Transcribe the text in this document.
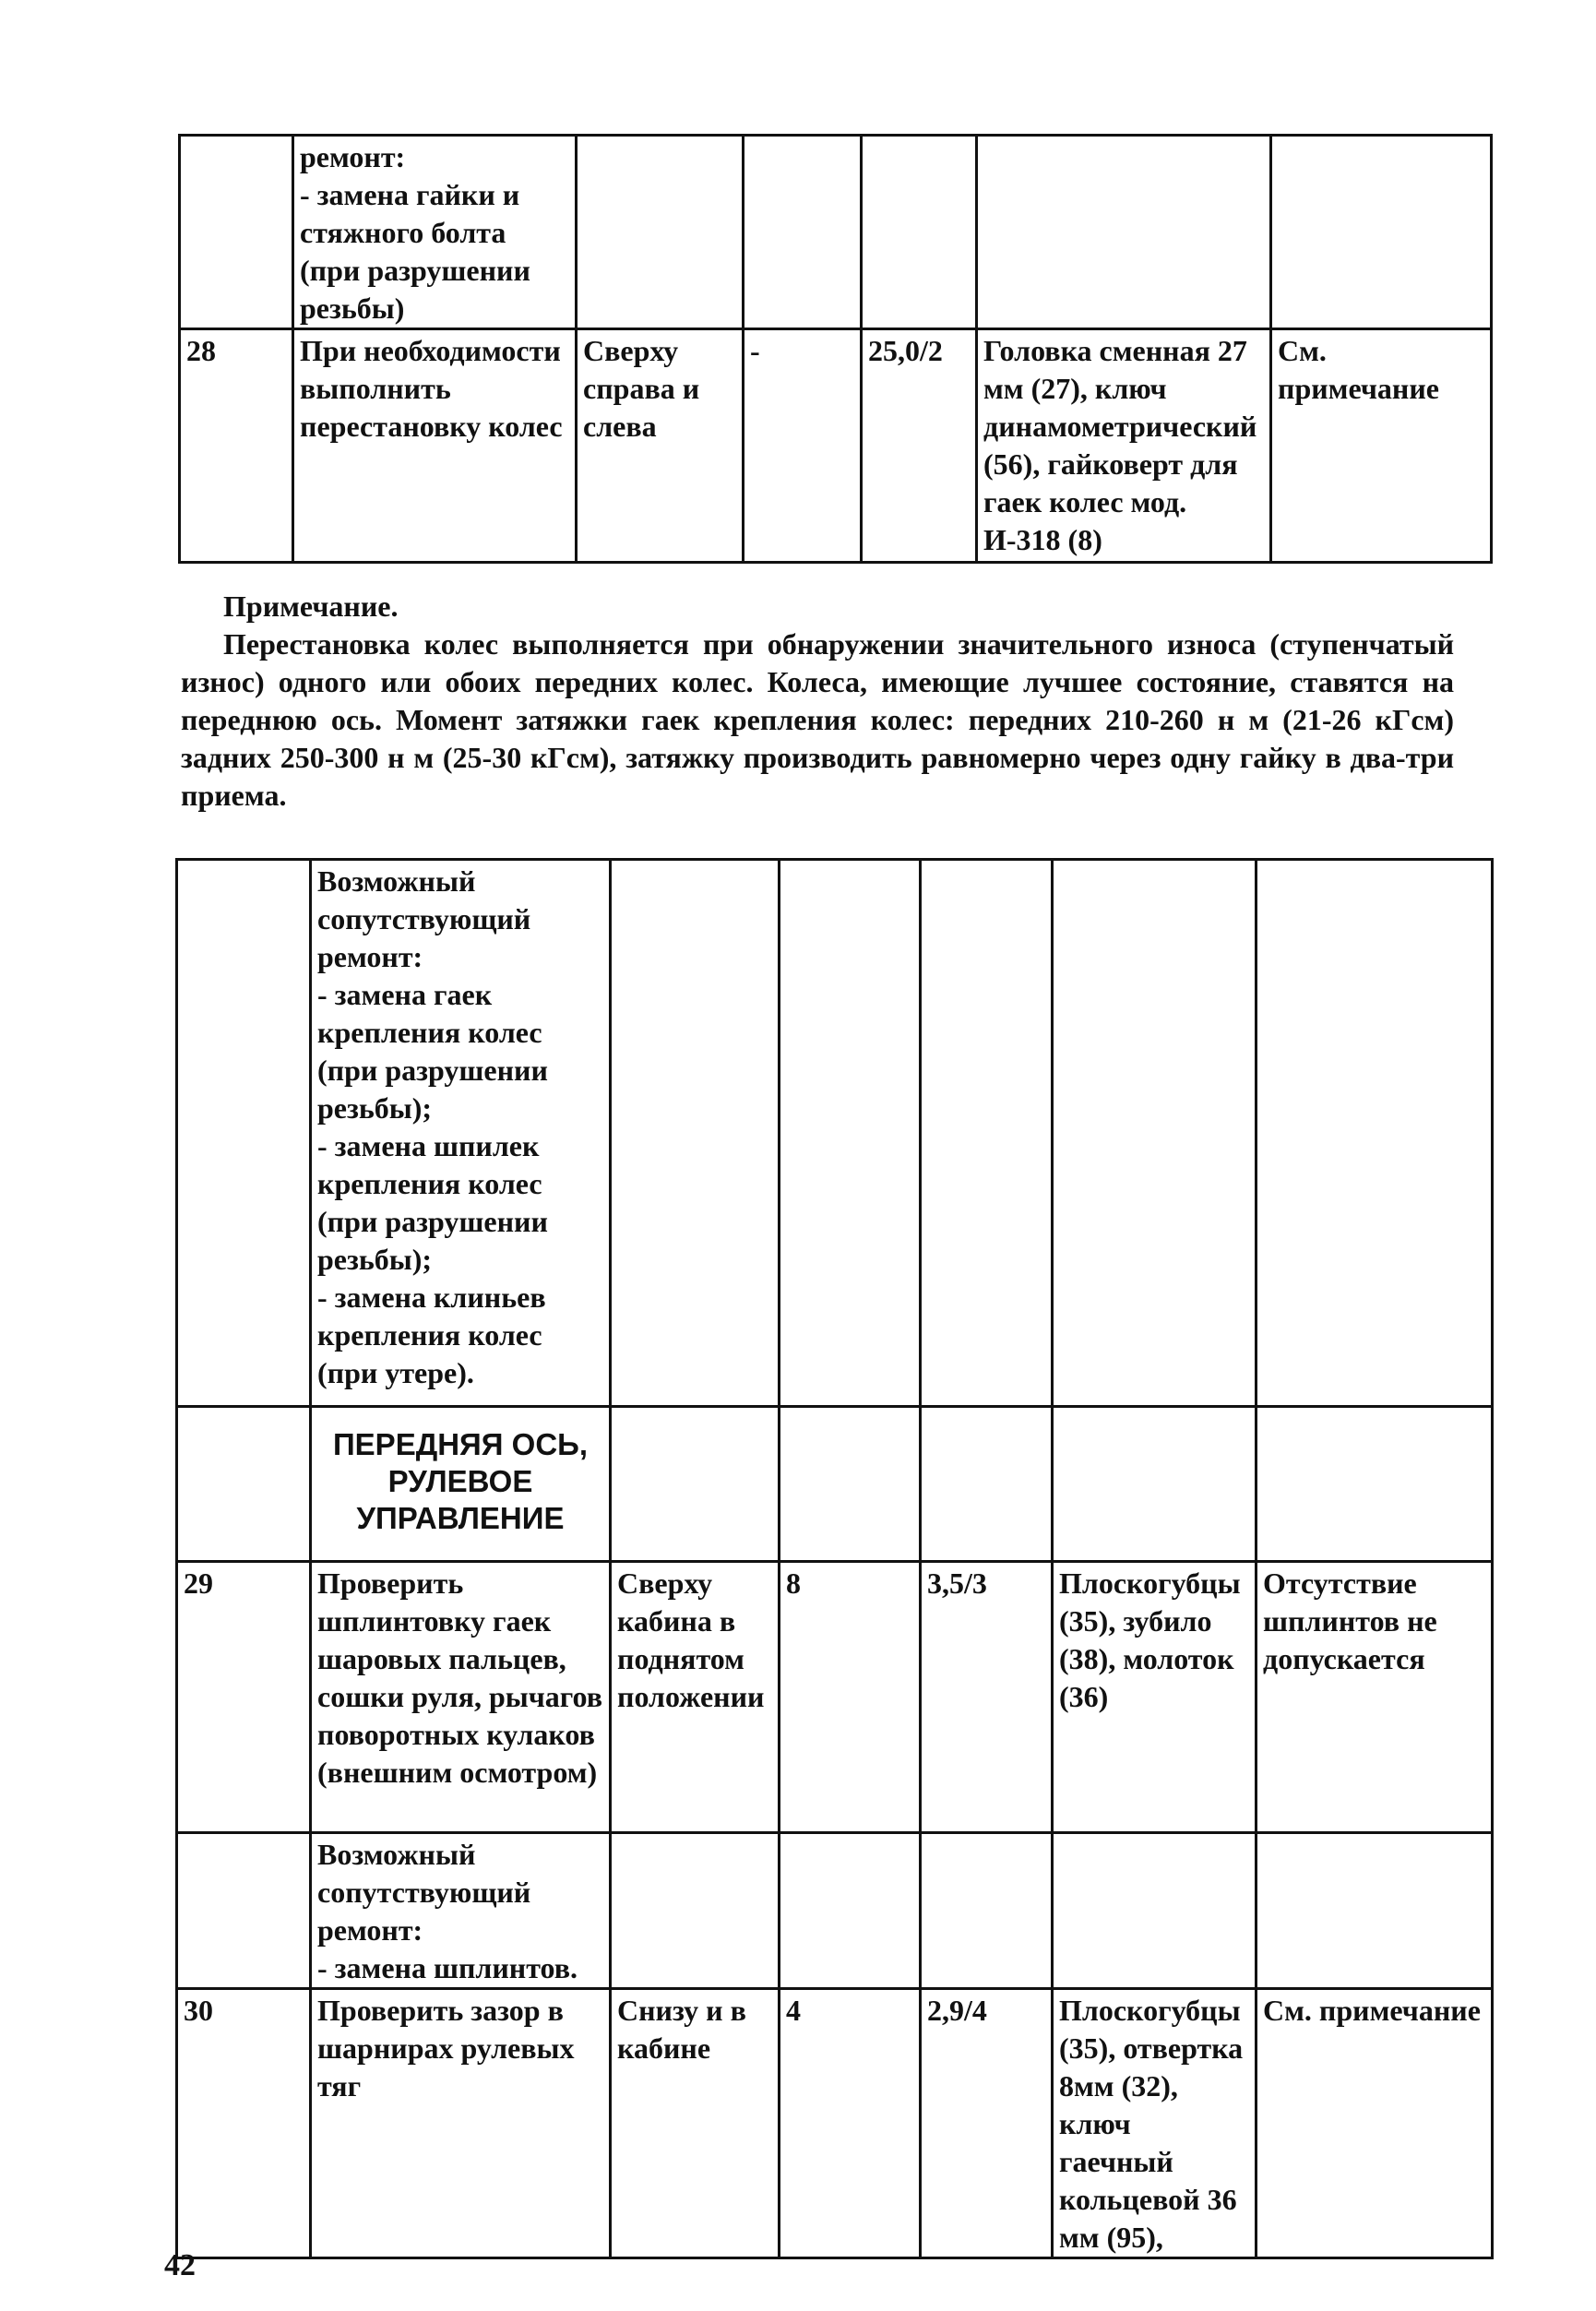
	ремонт:
- замена гайки и стяжного болта (при разрушении резьбы)					
28	При необходимости выполнить перестановку колес	Сверху справа и слева	-	25,0/2	Головка сменная 27 мм (27), ключ динамометрический (56), гайковерт для гаек колес мод. И-318 (8)	См. примечание

Примечание.

Перестановка колес выполняется при обнаружении значительного износа (ступенчатый износ) одного или обоих передних колес. Колеса, имеющие лучшее состояние, ставятся на переднюю ось. Момент затяжки гаек крепления колес: передних 210-260 н м (21-26 кГсм) задних 250-300 н м (25-30 кГсм), затяжку производить равномерно через одну гайку в два-три приема.

	Возможный сопутствующий ремонт:
- замена гаек крепления колес (при разрушении резьбы);
- замена шпилек крепления колес (при разрушении резьбы);
- замена клиньев крепления колес (при утере).					
	ПЕРЕДНЯЯ ОСЬ, РУЛЕВОЕ УПРАВЛЕНИЕ					
29	Проверить шплинтовку гаек шаровых пальцев, сошки руля, рычагов поворотных кулаков (внешним осмотром)	Сверху кабина в поднятом положении	8	3,5/3	Плоскогубцы (35), зубило (38), молоток (36)	Отсутствие шплинтов не допускается
	Возможный сопутствующий ремонт:
- замена шплинтов.					
30	Проверить зазор в шарнирах рулевых тяг	Снизу и в кабине	4	2,9/4	Плоскогубцы (35), отвертка 8мм (32), ключ гаечный кольцевой 36 мм (95),	См. примечание
42
